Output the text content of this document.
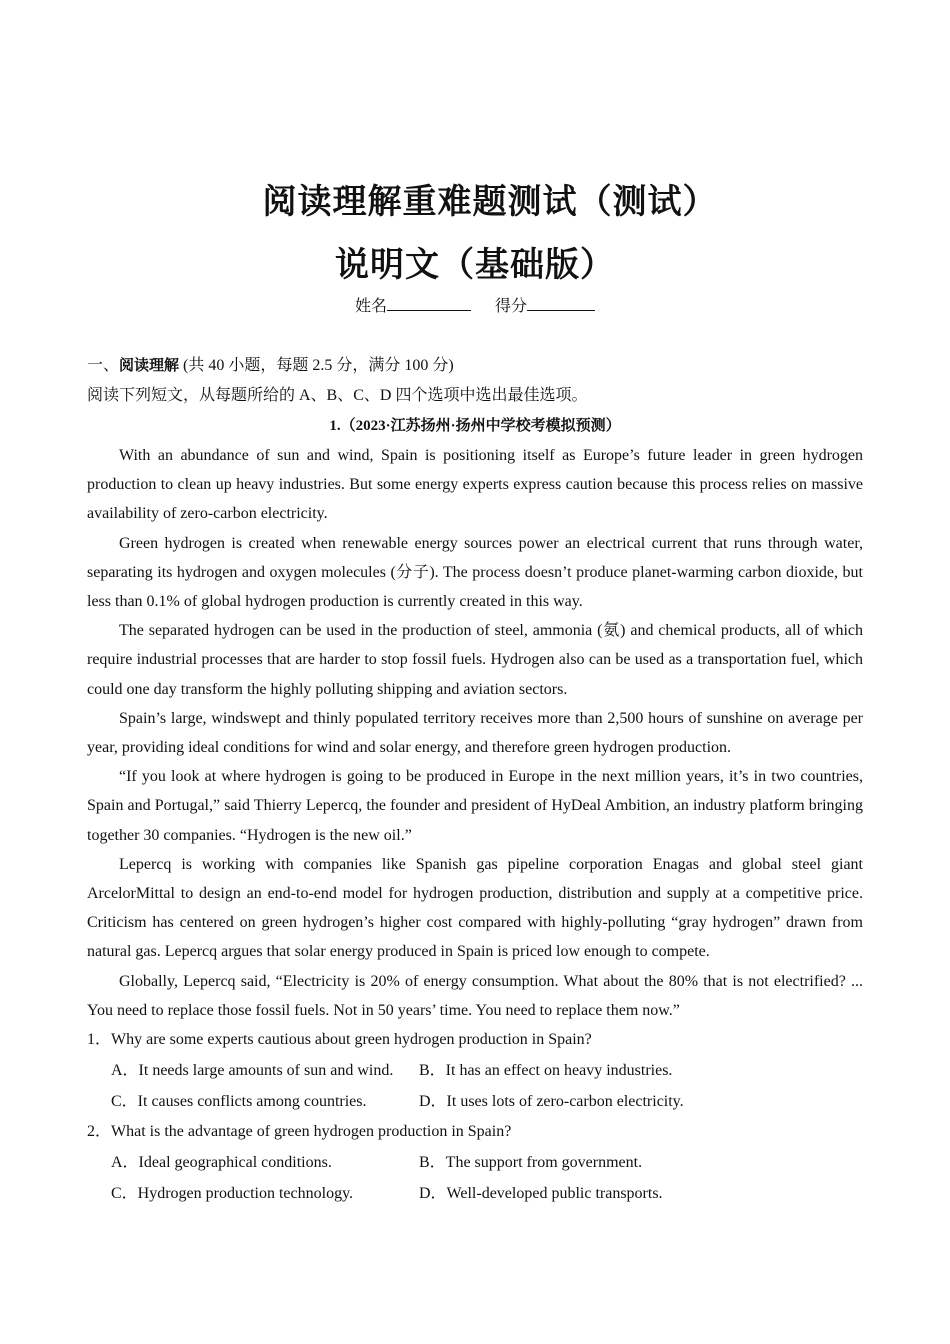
阅读理解重难题测试（测试）
说明文（基础版）
姓名	得分

一、阅读理解 (共 40 小题，每题 2.5 分，满分 100 分)

阅读下列短文，从每题所给的 A、B、C、D 四个选项中选出最佳选项。

1.（2023·江苏扬州·扬州中学校考模拟预测）

With an abundance of sun and wind, Spain is positioning itself as Europe’s future leader in green hydrogen production to clean up heavy industries. But some energy experts express caution because this process relies on massive availability of zero-carbon electricity.

Green hydrogen is created when renewable energy sources power an electrical current that runs through water, separating its hydrogen and oxygen molecules (分子). The process doesn’t produce planet-warming carbon dioxide, but less than 0.1% of global hydrogen production is currently created in this way.

The separated hydrogen can be used in the production of steel, ammonia (氨) and chemical products, all of which require industrial processes that are harder to stop fossil fuels. Hydrogen also can be used as a transportation fuel, which could one day transform the highly polluting shipping and aviation sectors.

Spain’s large, windswept and thinly populated territory receives more than 2,500 hours of sunshine on average per year, providing ideal conditions for wind and solar energy, and therefore green hydrogen production.

“If you look at where hydrogen is going to be produced in Europe in the next million years, it’s in two countries, Spain and Portugal,” said Thierry Lepercq, the founder and president of HyDeal Ambition, an industry platform bringing together 30 companies. “Hydrogen is the new oil.”

Lepercq is working with companies like Spanish gas pipeline corporation Enagas and global steel giant ArcelorMittal to design an end-to-end model for hydrogen production, distribution and supply at a competitive price. Criticism has centered on green hydrogen’s higher cost compared with highly-polluting “gray hydrogen” drawn from natural gas. Lepercq argues that solar energy produced in Spain is priced low enough to compete.

Globally, Lepercq said, “Electricity is 20% of energy consumption. What about the 80% that is not electrified? ... You need to replace those fossil fuels. Not in 50 years’ time. You need to replace them now.”

1．Why are some experts cautious about green hydrogen production in Spain?

A．It needs large amounts of sun and wind.	B．It has an effect on heavy industries.

C．It causes conflicts among countries.	D．It uses lots of zero-carbon electricity.

2．What is the advantage of green hydrogen production in Spain?

A．Ideal geographical conditions.	B．The support from government.

C．Hydrogen production technology.	D．Well-developed public transports.
